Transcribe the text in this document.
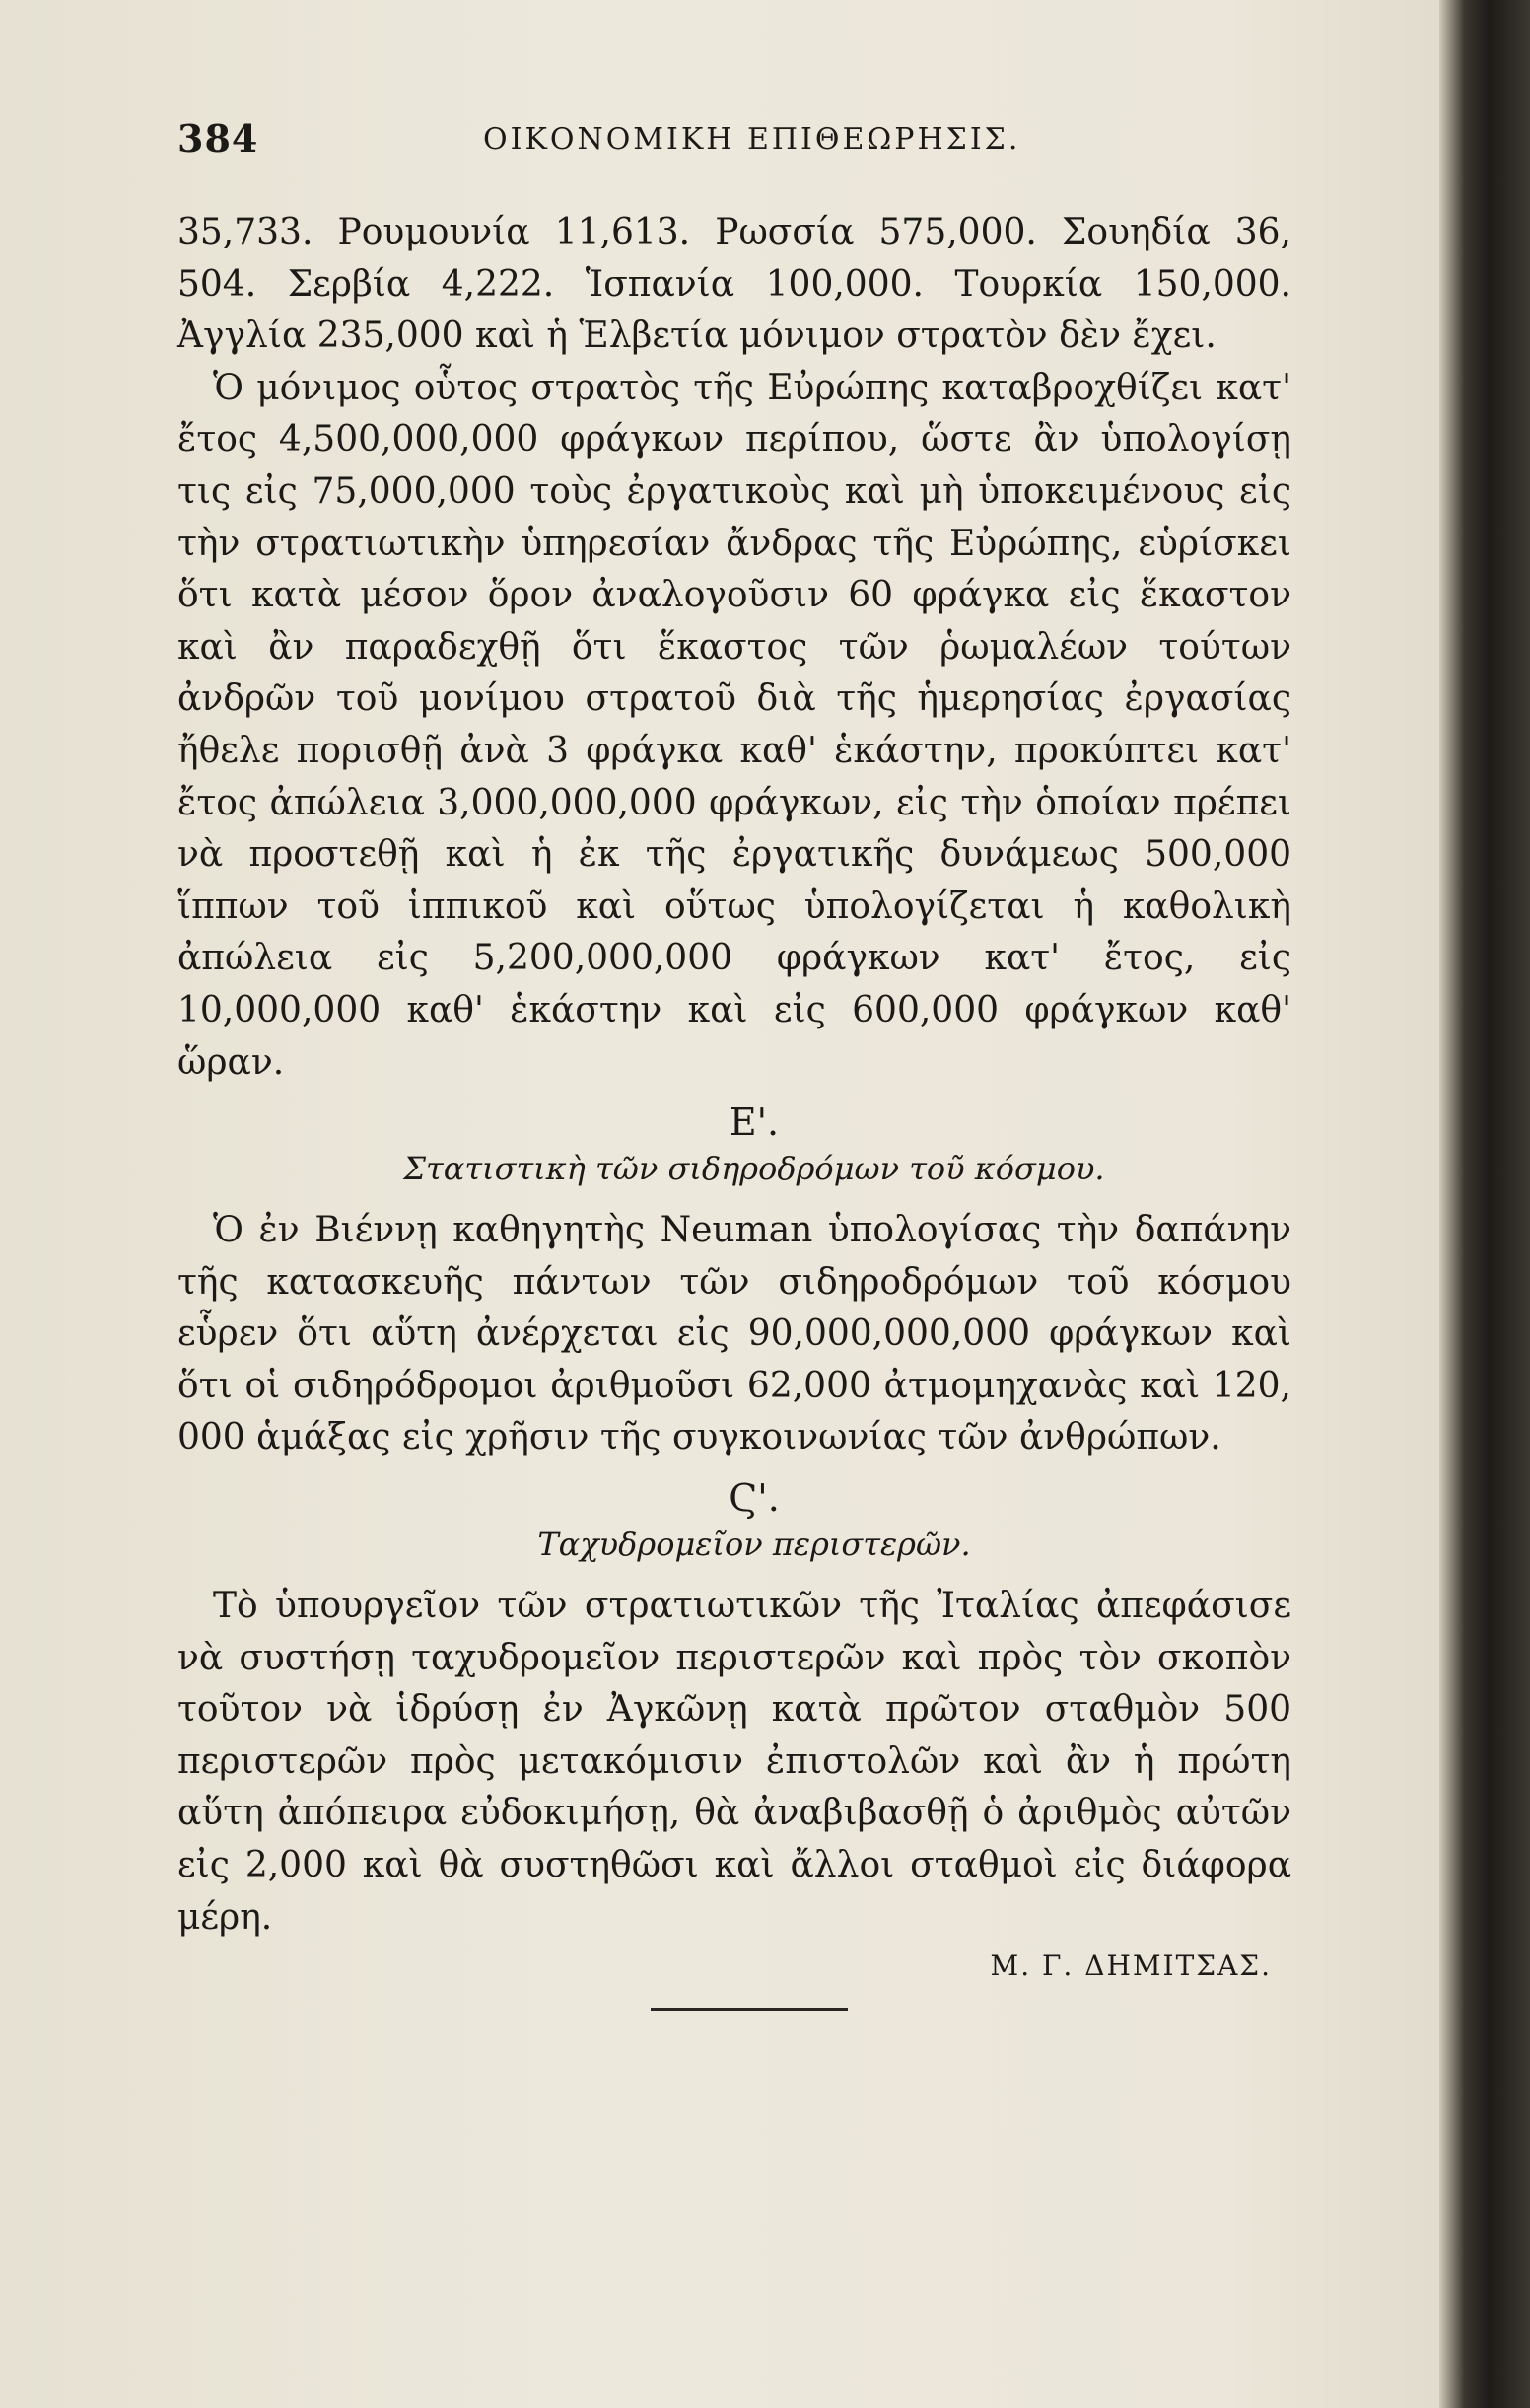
384	ΟΙΚΟΝΟΜΙΚΗ ΕΠΙΘΕΩΡΗΣΙΣ.

35,733. Ρουμουνία 11,613. Ρωσσία 575,000. Σουηδία 36, 504. Σερβία 4,222. Ἱσπανία 100,000. Τουρκία 150,000. Ἀγγλία 235,000 καὶ ἡ Ἑλβετία μόνιμον στρατὸν δὲν ἔχει.

Ὁ μόνιμος οὗτος στρατὸς τῆς Εὐρώπης καταβροχθίζει κατ' ἔτος 4,500,000,000 φράγκων περίπου, ὥστε ἂν ὑπολογίσῃ τις εἰς 75,000,000 τοὺς ἐργατικοὺς καὶ μὴ ὑποκειμένους εἰς τὴν στρατιωτικὴν ὑπηρεσίαν ἄνδρας τῆς Εὐρώπης, εὑρίσκει ὅτι κατὰ μέσον ὅρον ἀναλογοῦσιν 60 φράγκα εἰς ἕκαστον καὶ ἂν παραδεχθῇ ὅτι ἕκαστος τῶν ῥωμαλέων τούτων ἀνδρῶν τοῦ μονίμου στρατοῦ διὰ τῆς ἡμερησίας ἐργασίας ἤθελε πορισθῇ ἀνὰ 3 φράγκα καθ' ἑκάστην, προκύπτει κατ' ἔτος ἀπώλεια 3,000,000,000 φράγκων, εἰς τὴν ὁποίαν πρέπει νὰ προστεθῇ καὶ ἡ ἐκ τῆς ἐργατικῆς δυνάμεως 500,000 ἵππων τοῦ ἱππικοῦ καὶ οὕτως ὑπολογίζεται ἡ καθολικὴ ἀπώλεια εἰς 5,200,000,000 φράγκων κατ' ἔτος, εἰς 10,000,000 καθ' ἑκάστην καὶ εἰς 600,000 φράγκων καθ' ὥραν.

Ε'.
Στατιστικὴ τῶν σιδηροδρόμων τοῦ κόσμου.

Ὁ ἐν Βιέννῃ καθηγητὴς Neuman ὑπολογίσας τὴν δαπάνην τῆς κατασκευῆς πάντων τῶν σιδηροδρόμων τοῦ κόσμου εὗρεν ὅτι αὕτη ἀνέρχεται εἰς 90,000,000,000 φράγκων καὶ ὅτι οἱ σιδηρόδρομοι ἀριθμοῦσι 62,000 ἀτμομηχανὰς καὶ 120, 000 ἁμάξας εἰς χρῆσιν τῆς συγκοινωνίας τῶν ἀνθρώπων.

Ϛ'.
Ταχυδρομεῖον περιστερῶν.

Τὸ ὑπουργεῖον τῶν στρατιωτικῶν τῆς Ἰταλίας ἀπεφάσισε νὰ συστήσῃ ταχυδρομεῖον περιστερῶν καὶ πρὸς τὸν σκοπὸν τοῦτον νὰ ἱδρύσῃ ἐν Ἀγκῶνῃ κατὰ πρῶτον σταθμὸν 500 περιστερῶν πρὸς μετακόμισιν ἐπιστολῶν καὶ ἂν ἡ πρώτη αὕτη ἀπόπειρα εὐδοκιμήσῃ, θὰ ἀναβιβασθῇ ὁ ἀριθμὸς αὐτῶν εἰς 2,000 καὶ θὰ συστηθῶσι καὶ ἄλλοι σταθμοὶ εἰς διάφορα μέρη.

Μ. Γ. ΔΗΜΙΤΣΑΣ.
